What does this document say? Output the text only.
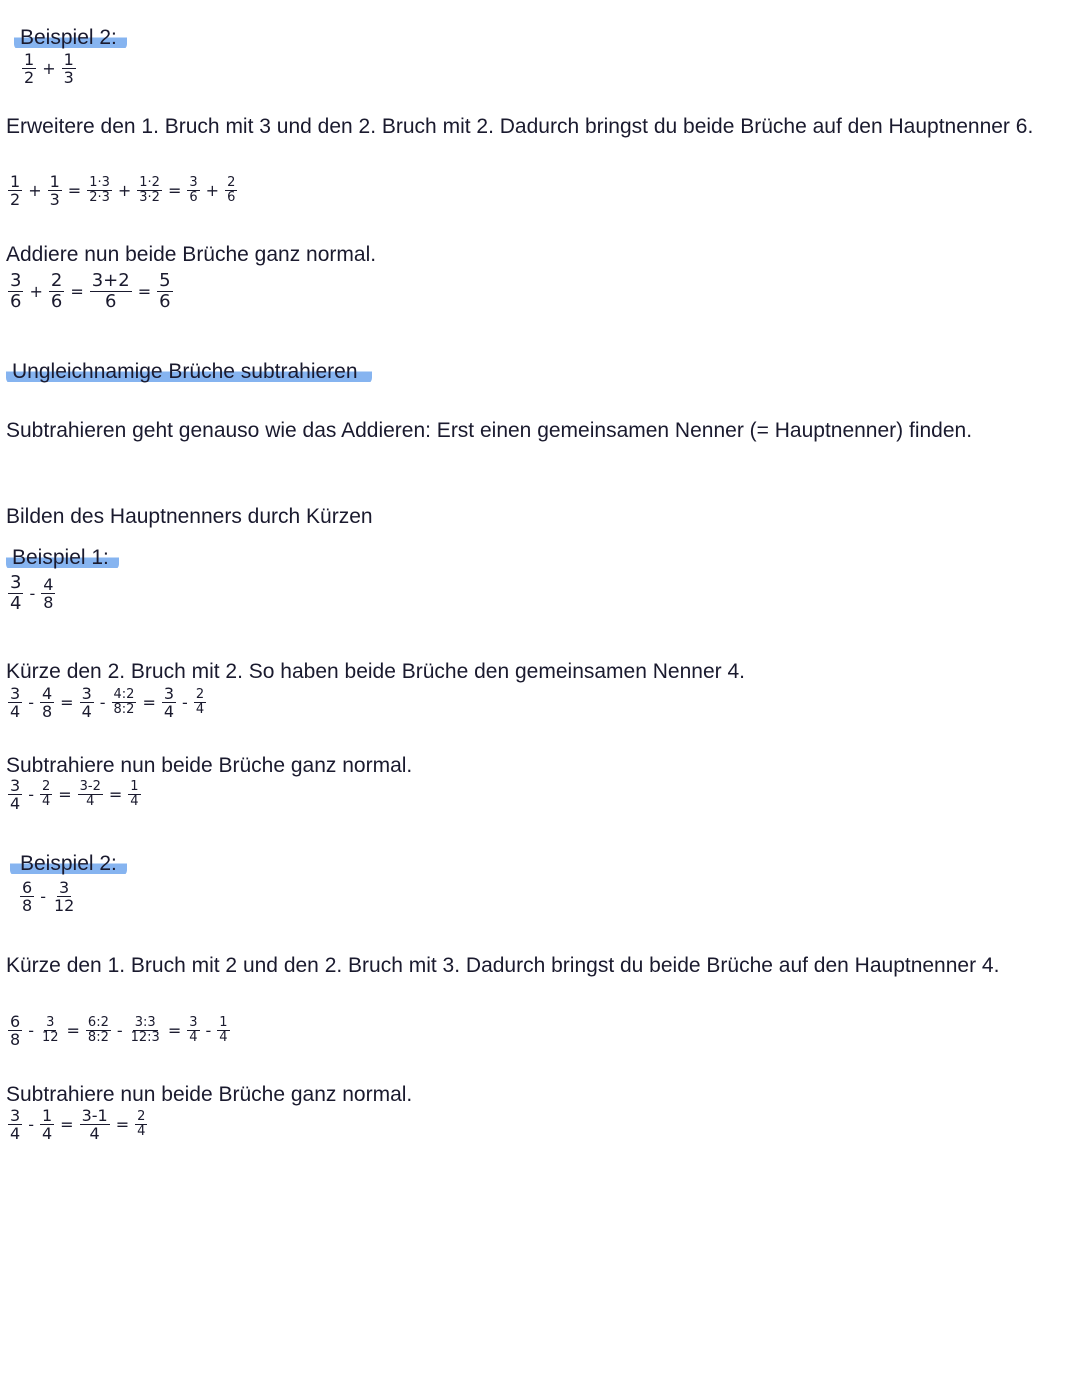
Beispiel 2:
$\frac{1}{2} + \frac{1}{3}$
Erweitere den 1. Bruch mit 3 und den 2. Bruch mit 2. Dadurch bringst du beide Brüche auf den Hauptnenner 6.
$\frac{1}{2} + \frac{1}{3} = \frac{1\cdot 3}{2\cdot 3} + \frac{1\cdot 2}{3\cdot 2} = \frac{3}{6} + \frac{2}{6}$
Addiere nun beide Brüche ganz normal.
$\frac{3}{6} + \frac{2}{6} = \frac{3+2}{6} = \frac{5}{6}$
Ungleichnamige Brüche subtrahieren
Subtrahieren geht genauso wie das Addieren: Erst einen gemeinsamen Nenner (= Hauptnenner) finden.
Bilden des Hauptnenners durch Kürzen
Beispiel 1:
$\frac{3}{4} - \frac{4}{8}$
Kürze den 2. Bruch mit 2. So haben beide Brüche den gemeinsamen Nenner 4.
$\frac{3}{4} - \frac{4}{8} = \frac{3}{4} - \frac{4:2}{8:2} = \frac{3}{4} - \frac{2}{4}$
Subtrahiere nun beide Brüche ganz normal.
$\frac{3}{4} - \frac{2}{4} = \frac{3-2}{4} = \frac{1}{4}$
Beispiel 2:
$\frac{6}{8} - \frac{3}{12}$
Kürze den 1. Bruch mit 2 und den 2. Bruch mit 3. Dadurch bringst du beide Brüche auf den Hauptnenner 4.
$\frac{6}{8} - \frac{3}{12} = \frac{6:2}{8:2} - \frac{3:3}{12:3} = \frac{3}{4} - \frac{1}{4}$
Subtrahiere nun beide Brüche ganz normal.
$\frac{3}{4} - \frac{1}{4} = \frac{3-1}{4} = \frac{2}{4}$
